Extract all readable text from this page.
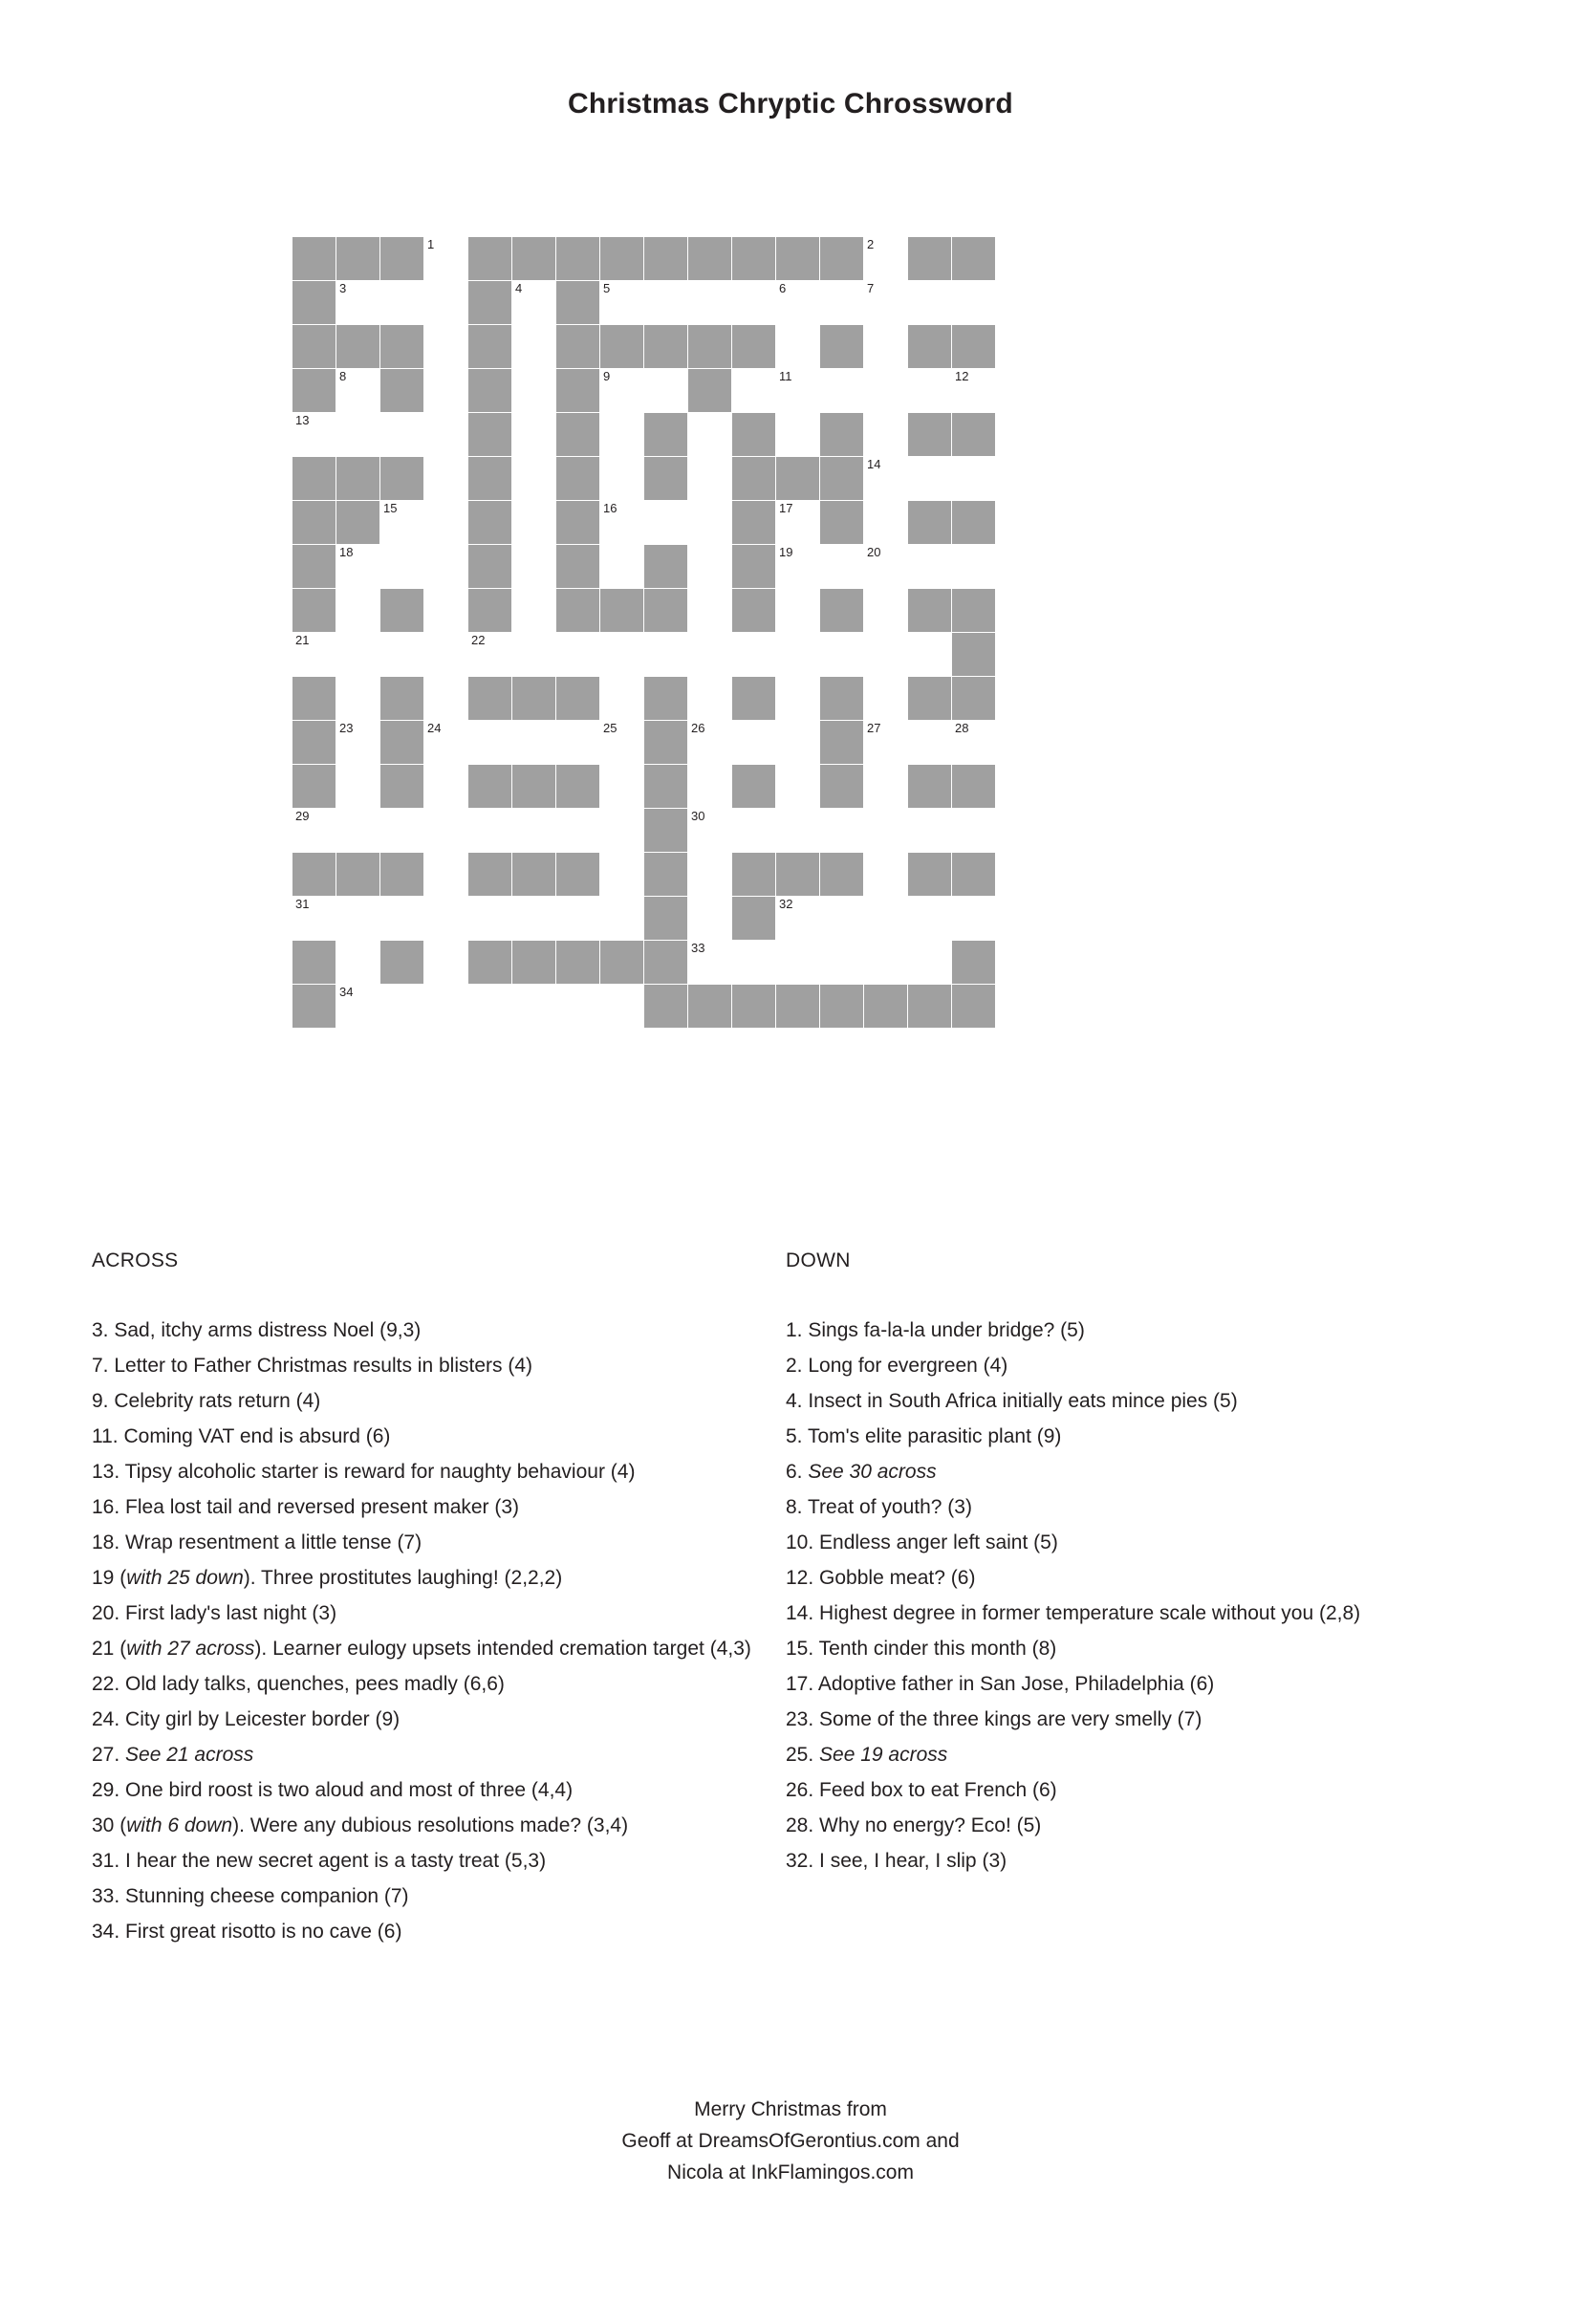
Christmas Chryptic Chrossword

			1										2		

	3				4		5				6		7		

	8						9				11				12

13															

													14		

		15					16				17				

	18										19		20		

21				22											

	23		24				25		26				27		28

29									30						

31											32				

									33						

	34														

ACROSS
3. Sad, itchy arms distress Noel (9,3)
7. Letter to Father Christmas results in blisters (4)
9. Celebrity rats return (4)
11. Coming VAT end is absurd (6)
13. Tipsy alcoholic starter is reward for naughty behaviour (4)
16. Flea lost tail and reversed present maker (3)
18. Wrap resentment a little tense (7)
19 (with 25 down). Three prostitutes laughing! (2,2,2)
20. First lady's last night (3)
21 (with 27 across). Learner eulogy upsets intended cremation target (4,3)
22. Old lady talks, quenches, pees madly (6,6)
24. City girl by Leicester border (9)
27. See 21 across
29. One bird roost is two aloud and most of three (4,4)
30 (with 6 down). Were any dubious resolutions made? (3,4)
31. I hear the new secret agent is a tasty treat (5,3)
33. Stunning cheese companion (7)
34. First great risotto is no cave (6)
DOWN
1. Sings fa-la-la under bridge? (5)
2. Long for evergreen (4)
4. Insect in South Africa initially eats mince pies (5)
5. Tom's elite parasitic plant (9)
6. See 30 across
8. Treat of youth? (3)
10. Endless anger left saint (5)
12. Gobble meat? (6)
14. Highest degree in former temperature scale without you (2,8)
15. Tenth cinder this month (8)
17. Adoptive father in San Jose, Philadelphia (6)
23. Some of the three kings are very smelly (7)
25. See 19 across
26. Feed box to eat French (6)
28. Why no energy? Eco! (5)
32. I see, I hear, I slip (3)
Merry Christmas from
Geoff at DreamsOfGerontius.com and
Nicola at InkFlamingos.com
